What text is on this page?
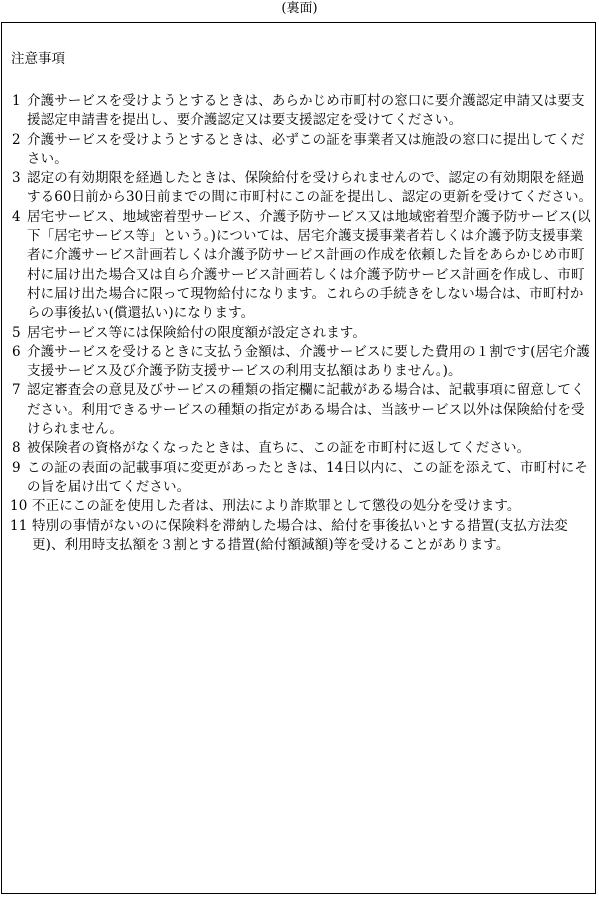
(裏面)
注意事項
1 介護サービスを受けようとするときは、あらかじめ市町村の窓口に要介護認定申請又は要支援認定申請書を提出し、要介護認定又は要支援認定を受けてください。
2 介護サービスを受けようとするときは、必ずこの証を事業者又は施設の窓口に提出してください。
3 認定の有効期限を経過したときは、保険給付を受けられませんので、認定の有効期限を経過する60日前から30日前までの間に市町村にこの証を提出し、認定の更新を受けてください。
4 居宅サービス、地域密着型サービス、介護予防サービス又は地域密着型介護予防サービス(以下「居宅サービス等」という。)については、居宅介護支援事業者若しくは介護予防支援事業者に介護サービス計画若しくは介護予防サービス計画の作成を依頼した旨をあらかじめ市町村に届け出た場合又は自ら介護サービス計画若しくは介護予防サービス計画を作成し、市町村に届け出た場合に限って現物給付になります。これらの手続きをしない場合は、市町村からの事後払い(償還払い)になります。
5 居宅サービス等には保険給付の限度額が設定されます。
6 介護サービスを受けるときに支払う金額は、介護サービスに要した費用の１割です(居宅介護支援サービス及び介護予防支援サービスの利用支払額はありません。)。
7 認定審査会の意見及びサービスの種類の指定欄に記載がある場合は、記載事項に留意してください。利用できるサービスの種類の指定がある場合は、当該サービス以外は保険給付を受けられません。
8 被保険者の資格がなくなったときは、直ちに、この証を市町村に返してください。
9 この証の表面の記載事項に変更があったときは、14日以内に、この証を添えて、市町村にその旨を届け出てください。
10 不正にこの証を使用した者は、刑法により詐欺罪として懲役の処分を受けます。
11 特別の事情がないのに保険料を滞納した場合は、給付を事後払いとする措置(支払方法変更)、利用時支払額を３割とする措置(給付額減額)等を受けることがあります。
